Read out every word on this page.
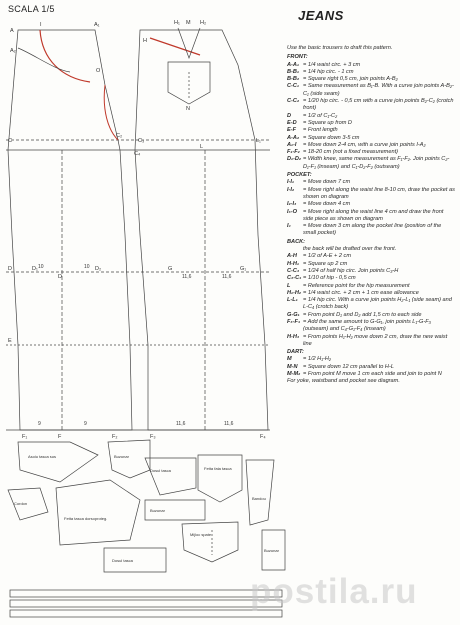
SCALA 1/5	JEANS
A
A₁
A₂
C
C₂
D	D₁	D₂
D
E
F
F₁	F₂
O
I	H₁	H₂
H
N
M
C₃
C₄
L₁
G	G₁
F₃	F₄
L
10	10
11,6	11,6
9	9	11,6	11,6
Asoiu tasca sus
Fetta tasca dorsoproteg.
Buzunar
Dosul tasca	Fetta fata tasca
Bandou
Buzunar
Mijloc spate
Dosul tasca
Buzunar
Cordon
Use the basic trousers to draft this pattern.
FRONT:
A-A₁ = 1/4 waist circ. + 3 cm
B-B₁ = 1/4 hip circ. - 1 cm
B-B₂ = Square right 0,5 cm, join points A-B₂
C-C₁ = Same measurement as B₁-B. With a curve join points A-B₂-C₁ (side seam)
C-C₂ = 1/20 hip circ. - 0,5 cm with a curve join points B₂-C₂ (crotch front)
D	= 1/2 of C₁-C₂
E-D	= Square up from D
E-F	= Front length
A-A₂ = Square down 3-5 cm
A₁-I	= Move down 2-4 cm, with a curve join points I-A₂
F₁-F₂ = 18-20 cm (not a fixed measurement)
D₁-D₂ = Width knee, same measurement as F₁-F₂. Join points C₂-D₁-F₁ (inseam) and C₁-D₂-F₂ (outseam)
POCKET:
I-I₁	= Move down 7 cm
I-I₂	= Move right along the waist line 8-10 cm, draw the pocket as shown on diagram
I₂-I₃	= Move down 4 cm
I₃-O	= Move right along the waist line 4 cm and draw the front side piece as shown on diagram
I₄	= Move down 3 cm along the pocket line (position of the small pocket)
BACK:
the back will be drafted over the front.
A-H	= 1/2 of A-E + 2 cm
H-H₁ = Square up 2 cm
C-C₃ = 1/24 of half hip circ. Join points C₃-H
C₃-C₄ = 1/10 of hip - 0,5 cm
L	= Reference point for the hip measurement
H₁-H₂ = 1/4 waist circ. + 2 cm + 1 cm ease allowance
L-L₁ = 1/4 hip circ. With a curve join points H₂-L₁ (side seam) and L-C₄ (crotch back)
G-G₁ = From point D₁ and D₂ add 1,5 cm to each side
F₃-F₄ = Add the same amount to G-G₁, join points L₁-G-F₃ (outseam) and C₄-G₁-F₄ (inseam)
H-H₃ = From points H₁-H₂ move down 2 cm, draw the new waist line
DART:
M	= 1/2 H₁-H₂
M-N = Square down 12 cm parallel to H-L
M-M₂ = From point M move 1 cm each side and join to point N
For yoke, waistband and pocket see diagram.
postila.ru
